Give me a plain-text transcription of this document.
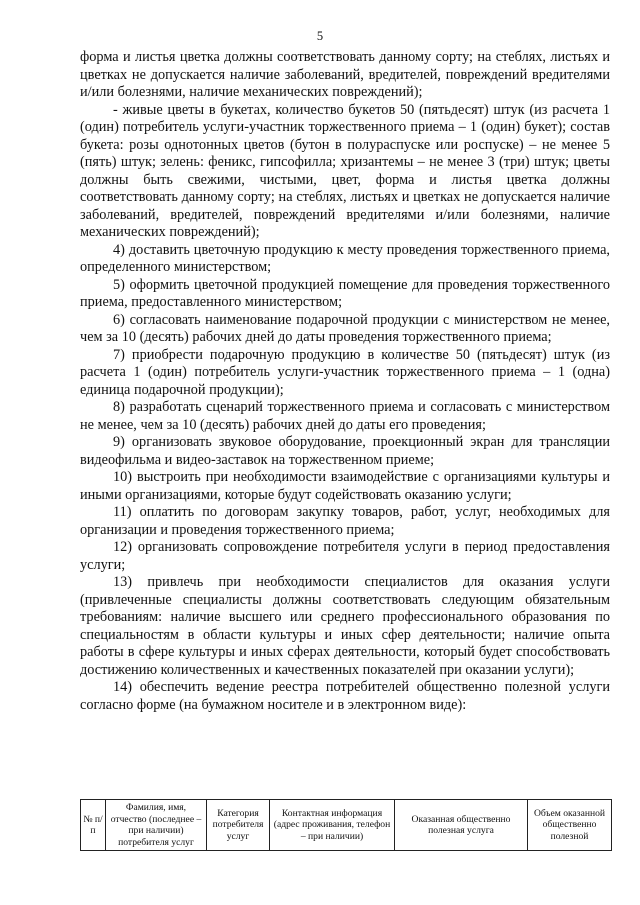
5

форма и листья цветка должны соответствовать данному сорту; на стеблях, листьях и цветках не допускается наличие заболеваний, вредителей, повреждений вредителями и/или болезнями, наличие механических повреждений);

- живые цветы в букетах, количество букетов 50 (пятьдесят) штук (из расчета 1 (один) потребитель услуги-участник торжественного приема – 1 (один) букет); состав букета: розы однотонных цветов (бутон в полураспуске или роспуске) – не менее 5 (пять) штук; зелень: феникс, гипсофилла; хризантемы – не менее 3 (три) штук; цветы должны быть свежими, чистыми, цвет, форма и листья цветка должны соответствовать данному сорту; на стеблях, листьях и цветках не допускается наличие заболеваний, вредителей, повреждений вредителями и/или болезнями, наличие механических повреждений);

4) доставить цветочную продукцию к месту проведения торжественного приема, определенного министерством;

5) оформить цветочной продукцией помещение для проведения торжественного приема, предоставленного министерством;

6) согласовать наименование подарочной продукции с министерством не менее, чем за 10 (десять) рабочих дней до даты проведения торжественного приема;

7) приобрести подарочную продукцию в количестве 50 (пятьдесят) штук (из расчета 1 (один) потребитель услуги-участник торжественного приема – 1 (одна) единица подарочной продукции);

8) разработать сценарий торжественного приема и согласовать с министерством не менее, чем за 10 (десять) рабочих дней до даты его проведения;

9) организовать звуковое оборудование, проекционный экран для трансляции видеофильма и видео-заставок на торжественном приеме;

10) выстроить при необходимости взаимодействие с организациями культуры и иными организациями, которые будут содействовать оказанию услуги;

11) оплатить по договорам закупку товаров, работ, услуг, необходимых для организации и проведения торжественного приема;

12) организовать сопровождение потребителя услуги в период предоставления услуги;

13) привлечь при необходимости специалистов для оказания услуги (привлеченные специалисты должны соответствовать следующим обязательным требованиям: наличие высшего или среднего профессионального образования по специальностям в области культуры и иных сфер деятельности; наличие опыта работы в сфере культуры и иных сферах деятельности, который будет способствовать достижению количественных и качественных показателей при оказании услуги);

14) обеспечить ведение реестра потребителей общественно полезной услуги согласно форме (на бумажном носителе и в электронном виде):

№ п/п	Фамилия, имя, отчество (последнее – при наличии) потребителя услуг	Категория потребителя услуг	Контактная информация (адрес проживания, телефон – при наличии)	Оказанная общественно полезная услуга	Объем оказанной общественно полезной
